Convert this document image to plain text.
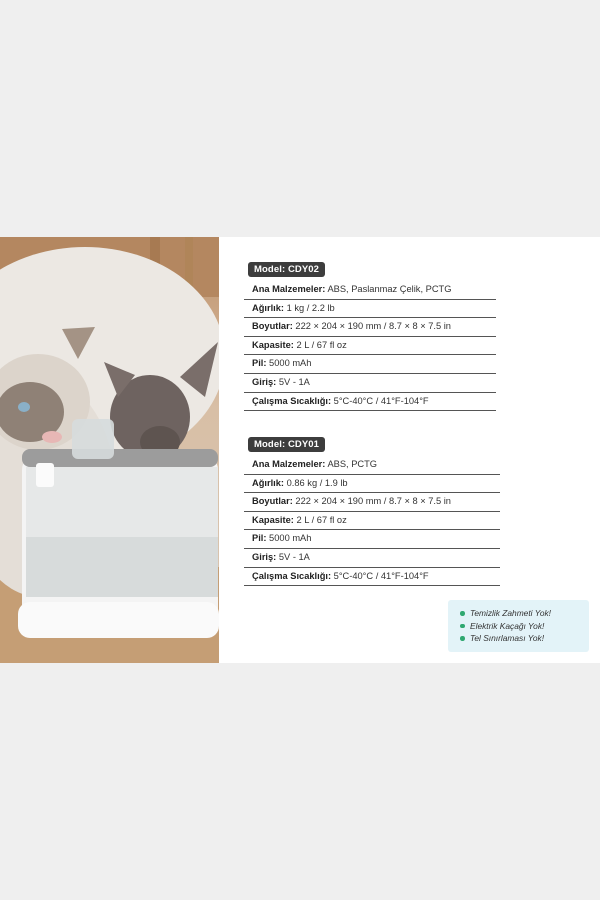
Model: CDY02
Ana Malzemeler: ABS, Paslanmaz Çelik, PCTG
Ağırlık: 1 kg / 2.2 lb
Boyutlar: 222 × 204 × 190 mm / 8.7 × 8 × 7.5 in
Kapasite: 2 L / 67 fl oz
Pil: 5000 mAh
Giriş: 5V - 1A
Çalışma Sıcaklığı: 5°C-40°C / 41°F-104°F
Model: CDY01
Ana Malzemeler: ABS, PCTG
Ağırlık: 0.86 kg / 1.9 lb
Boyutlar: 222 × 204 × 190 mm / 8.7 × 8 × 7.5 in
Kapasite: 2 L / 67 fl oz
Pil: 5000 mAh
Giriş: 5V - 1A
Çalışma Sıcaklığı: 5°C-40°C / 41°F-104°F
Temizlik Zahmeti Yok!
Elektrik Kaçağı Yok!
Tel Sınırlaması Yok!
